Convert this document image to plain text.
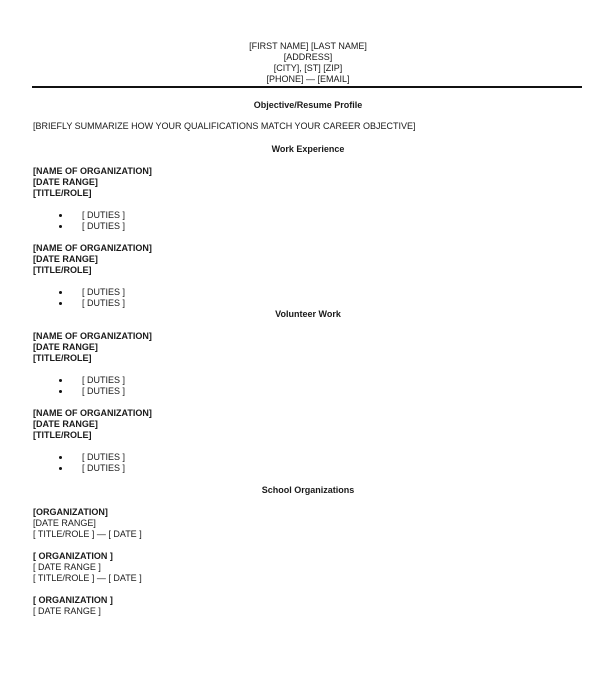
[FIRST NAME] [LAST NAME]
[ADDRESS]
[CITY], [ST] [ZIP]
[PHONE] — [EMAIL]
Objective/Resume Profile
[BRIEFLY SUMMARIZE HOW YOUR QUALIFICATIONS MATCH YOUR CAREER OBJECTIVE]
Work Experience
[NAME OF ORGANIZATION]
[DATE RANGE]
[TITLE/ROLE]
[ DUTIES ]
[ DUTIES ]
[NAME OF ORGANIZATION]
[DATE RANGE]
[TITLE/ROLE]
[ DUTIES ]
[ DUTIES ]
Volunteer Work
[NAME OF ORGANIZATION]
[DATE RANGE]
[TITLE/ROLE]
[ DUTIES ]
[ DUTIES ]
[NAME OF ORGANIZATION]
[DATE RANGE]
[TITLE/ROLE]
[ DUTIES ]
[ DUTIES ]
School Organizations
[ORGANIZATION]
[DATE RANGE]
[ TITLE/ROLE ] — [ DATE ]
[ ORGANIZATION ]
[ DATE RANGE ]
[ TITLE/ROLE ] — [ DATE ]
[ ORGANIZATION ]
[ DATE RANGE ]
